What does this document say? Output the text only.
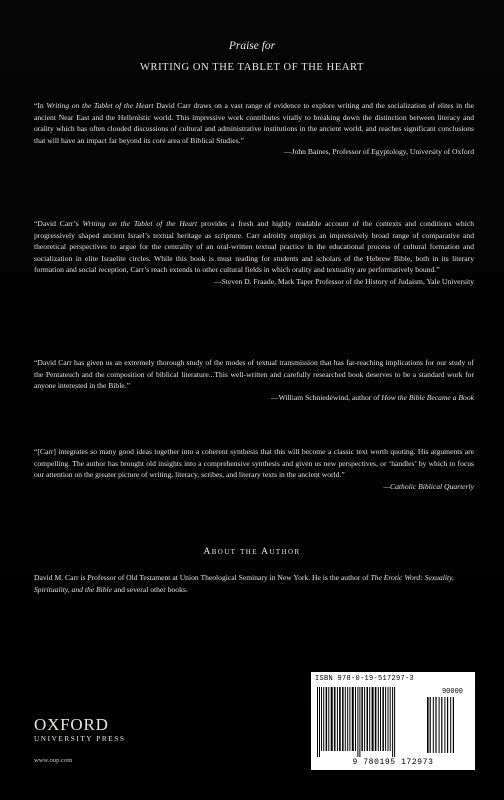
Praise for
WRITING ON THE TABLET OF THE HEART

“In Writing on the Tablet of the Heart David Carr draws on a vast range of evidence to explore writing and the socialization of elites in the ancient Near East and the Hellenistic world. This impressive work contributes vitally to breaking down the distinction between literacy and orality which has often clouded discussions of cultural and administrative institutions in the ancient world, and reaches significant conclusions that will have an impact far beyond its core area of Biblical Studies.”

—John Baines, Professor of Egyptology, University of Oxford

“David Carr’s Writing on the Tablet of the Heart provides a fresh and highly readable account of the contexts and conditions which progressively shaped ancient Israel’s textual heritage as scripture. Carr adroitly employs an impressively broad range of comparative and theoretical perspectives to argue for the centrality of an oral-written textual practice in the educational process of cultural formation and socialization in elite Israelite circles. While this book is must reading for students and scholars of the Hebrew Bible, both in its literary formation and social reception, Carr’s reach extends to other cultural fields in which orality and textuality are performatively bound.”

—Steven D. Fraade, Mark Taper Professor of the History of Judaism, Yale University

“David Carr has given us an extremely thorough study of the modes of textual transmission that has far-reaching implications for our study of the Pentateuch and the composition of biblical literature...This well-written and carefully researched book deserves to be a standard work for anyone interested in the Bible.”

—William Schniedewind, author of How the Bible Became a Book

“[Carr] integrates so many good ideas together into a coherent synthesis that this will become a classic text worth quoting. His arguments are compelling. The author has brought old insights into a comprehensive synthesis and given us new perspectives, or ‘handles’ by which to focus our attention on the greater picture of writing, literacy, scribes, and literary texts in the ancient world.”

—Catholic Biblical Quarterly

About the Author

David M. Carr is Professor of Old Testament at Union Theological Seminary in New York. He is the author of The Erotic Word: Sexuality, Spirituality, and the Bible and several other books.

OXFORD
UNIVERSITY PRESS
www.oup.com
ISBN 978-0-19-517297-3
90000
9 780195 172973
